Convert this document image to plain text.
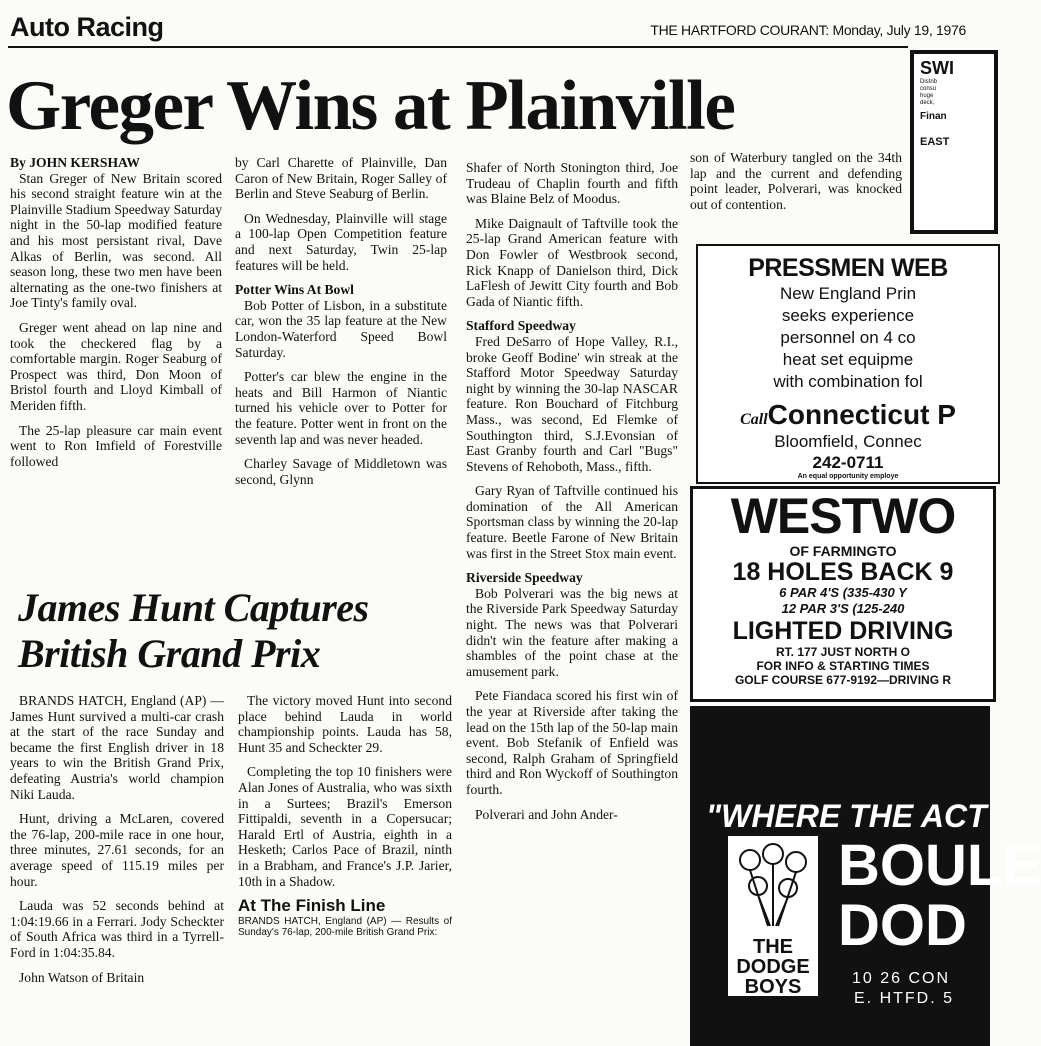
Auto Racing	THE HARTFORD COURANT: Monday, July 19, 1976
Greger Wins at Plainville

By JOHN KERSHAW

Stan Greger of New Britain scored his second straight feature win at the Plainville Stadium Speedway Saturday night in the 50-lap modified feature and his most persistant rival, Dave Alkas of Berlin, was second. All season long, these two men have been alternating as the one-two finishers at Joe Tinty's family oval.

Greger went ahead on lap nine and took the checkered flag by a comfortable margin. Roger Seaburg of Prospect was third, Don Moon of Bristol fourth and Lloyd Kimball of Meriden fifth.

The 25-lap pleasure car main event went to Ron Imfield of Forestville followed

by Carl Charette of Plainville, Dan Caron of New Britain, Roger Salley of Berlin and Steve Seaburg of Berlin.

On Wednesday, Plainville will stage a 100-lap Open Competition feature and next Saturday, Twin 25-lap features will be held.

Potter Wins At Bowl

Bob Potter of Lisbon, in a substitute car, won the 35 lap feature at the New London-Waterford Speed Bowl Saturday.

Potter's car blew the engine in the heats and Bill Harmon of Niantic turned his vehicle over to Potter for the feature. Potter went in front on the seventh lap and was never headed.

Charley Savage of Middletown was second, Glynn

Shafer of North Stonington third, Joe Trudeau of Chaplin fourth and fifth was Blaine Belz of Moodus.

Mike Daignault of Taftville took the 25-lap Grand American feature with Don Fowler of Westbrook second, Rick Knapp of Danielson third, Dick LaFlesh of Jewitt City fourth and Bob Gada of Niantic fifth.

Stafford Speedway

Fred DeSarro of Hope Valley, R.I., broke Geoff Bodine' win streak at the Stafford Motor Speedway Saturday night by winning the 30-lap NASCAR feature. Ron Bouchard of Fitchburg Mass., was second, Ed Flemke of Southington third, S.J.Evonsian of East Granby fourth and Carl "Bugs" Stevens of Rehoboth, Mass., fifth.

Gary Ryan of Taftville continued his domination of the All American Sportsman class by winning the 20-lap feature. Beetle Farone of New Britain was first in the Street Stox main event.

Riverside Speedway

Bob Polverari was the big news at the Riverside Park Speedway Saturday night. The news was that Polverari didn't win the feature after making a shambles of the point chase at the amusement park.

Pete Fiandaca scored his first win of the year at Riverside after taking the lead on the 15th lap of the 50-lap main event. Bob Stefanik of Enfield was second, Ralph Graham of Springfield third and Ron Wyckoff of Southington fourth.

Polverari and John Ander-

son of Waterbury tangled on the 34th lap and the current and defending point leader, Polverari, was knocked out of contention.

James Hunt Captures
British Grand Prix

BRANDS HATCH, England (AP) — James Hunt survived a multi-car crash at the start of the race Sunday and became the first English driver in 18 years to win the British Grand Prix, defeating Austria's world champion Niki Lauda.

Hunt, driving a McLaren, covered the 76-lap, 200-mile race in one hour, three minutes, 27.61 seconds, for an average speed of 115.19 miles per hour.

Lauda was 52 seconds behind at 1:04:19.66 in a Ferrari. Jody Scheckter of South Africa was third in a Tyrrell-Ford in 1:04:35.84.

John Watson of Britain

The victory moved Hunt into second place behind Lauda in world championship points. Lauda has 58, Hunt 35 and Scheckter 29.

Completing the top 10 finishers were Alan Jones of Australia, who was sixth in a Surtees; Brazil's Emerson Fittipaldi, seventh in a Copersucar; Harald Ertl of Austria, eighth in a Hesketh; Carlos Pace of Brazil, ninth in a Brabham, and France's J.P. Jarier, 10th in a Shadow.

At The Finish Line

BRANDS HATCH, England (AP) — Results of Sunday's 76-lap, 200-mile British Grand Prix:

SWI
Distrib
consu
huge
deck,
Finan
EAST
PRESSMEN WEB
New England Prin
seeks experience
personnel on 4 co
heat set equipme
with combination fol
CallConnecticut P
Bloomfield, Connec
242-0711
An equal opportunity employe
WESTWO
OF FARMINGTO
18 HOLES BACK 9
6 PAR 4'S (335-430 Y
12 PAR 3'S (125-240
LIGHTED DRIVING
RT. 177 JUST NORTH O
FOR INFO & STARTING TIMES
GOLF COURSE 677-9192—DRIVING R
"WHERE THE ACT
THE
DODGE
BOYS
BOULE
DOD
10 26 CON
E. HTFD. 5
